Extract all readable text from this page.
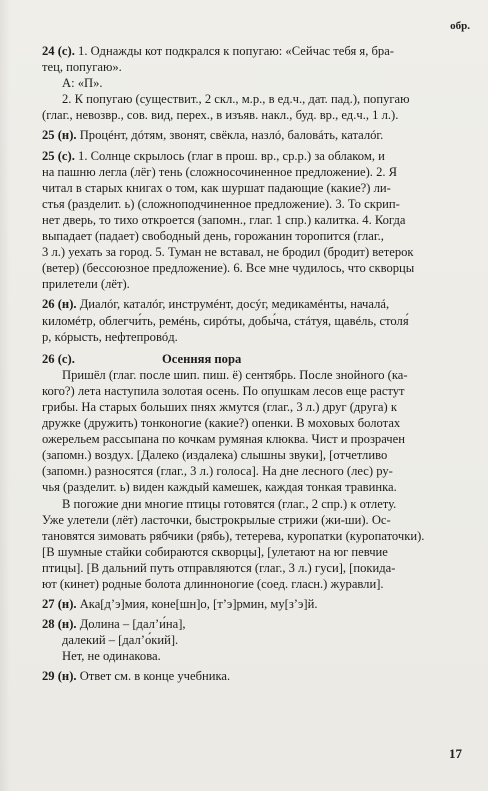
обр.

24 (с). 1. Однажды кот подкрался к попугаю: «Сейчас тебя я, бра-

тец, попугаю».

А: «П».

2. К попугаю (существит., 2 скл., м.р., в ед.ч., дат. пад.), попугаю

(глаг., невозвр., сов. вид, перех., в изъяв. накл., буд. вр., ед.ч., 1 л.).

25 (н). Процéнт, дóтям, звонят, свёкла, назлó, баловáть, каталóг.

25 (с). 1. Солнце скрылось (глаг в прош. вр., ср.р.) за облаком, и

на пашню легла (лёг) тень (сложносочиненное предложение). 2. Я

читал в старых книгах о том, как шуршат падающие (какие?) ли-

стья (разделит. ь) (сложноподчиненное предложение). 3. То скрип-

нет дверь, то тихо откроется (запомн., глаг. 1 спр.) калитка. 4. Когда

выпадает (падает) свободный день, горожанин торопится (глаг.,

3 л.) уехать за город. 5. Туман не вставал, не бродил (бродит) ветерок

(ветер) (бессоюзное предложение). 6. Все мне чудилось, что скворцы

прилетели (лёт).

26 (н). Диалóг, каталóг, инструмéнт, досýг, медикамéнты, началá,

киломéтр, облегчи́ть, ремéнь, сирóты, добы́ча, стáтуя, щавéль, столя́

р, кóрысть, нефтепровóд.

26 (с).	Осенняя пора

Пришёл (глаг. после шип. пиш. ё) сентябрь. После знойного (ка-

кого?) лета наступила золотая осень. По опушкам лесов еще растут

грибы. На старых больших пнях жмутся (глаг., 3 л.) друг (друга) к

дружке (дружить) тонконогие (какие?) опенки. В моховых болотах

ожерельем рассыпана по кочкам румяная клюква. Чист и прозрачен

(запомн.) воздух. [Далеко (издалека) слышны звуки], [отчетливо

(запомн.) разносятся (глаг., 3 л.) голоса]. На дне лесного (лес) ру-

чья (разделит. ь) виден каждый камешек, каждая тонкая травинка.

В погожие дни многие птицы готовятся (глаг., 2 спр.) к отлету.

Уже улетели (лёт) ласточки, быстрокрылые стрижи (жи-ши). Ос-

тановятся зимовать рябчики (рябь), тетерева, куропатки (куропаточки).

[В шумные стайки собираются скворцы], [улетают на юг певчие

птицы]. [В дальний путь отправляются (глаг., 3 л.) гуси], [покида-

ют (кинет) родные болота длинноногие (соед. гласн.) журавли].

27 (н). Ака[д’э]мия, коне[шн]о, [т’э]рмин, му[з’э]й.

28 (н). Долина – [дал’и́на],

далекий – [дал’о́кий].

Нет, не одинакова.

29 (н). Ответ см. в конце учебника.

17
